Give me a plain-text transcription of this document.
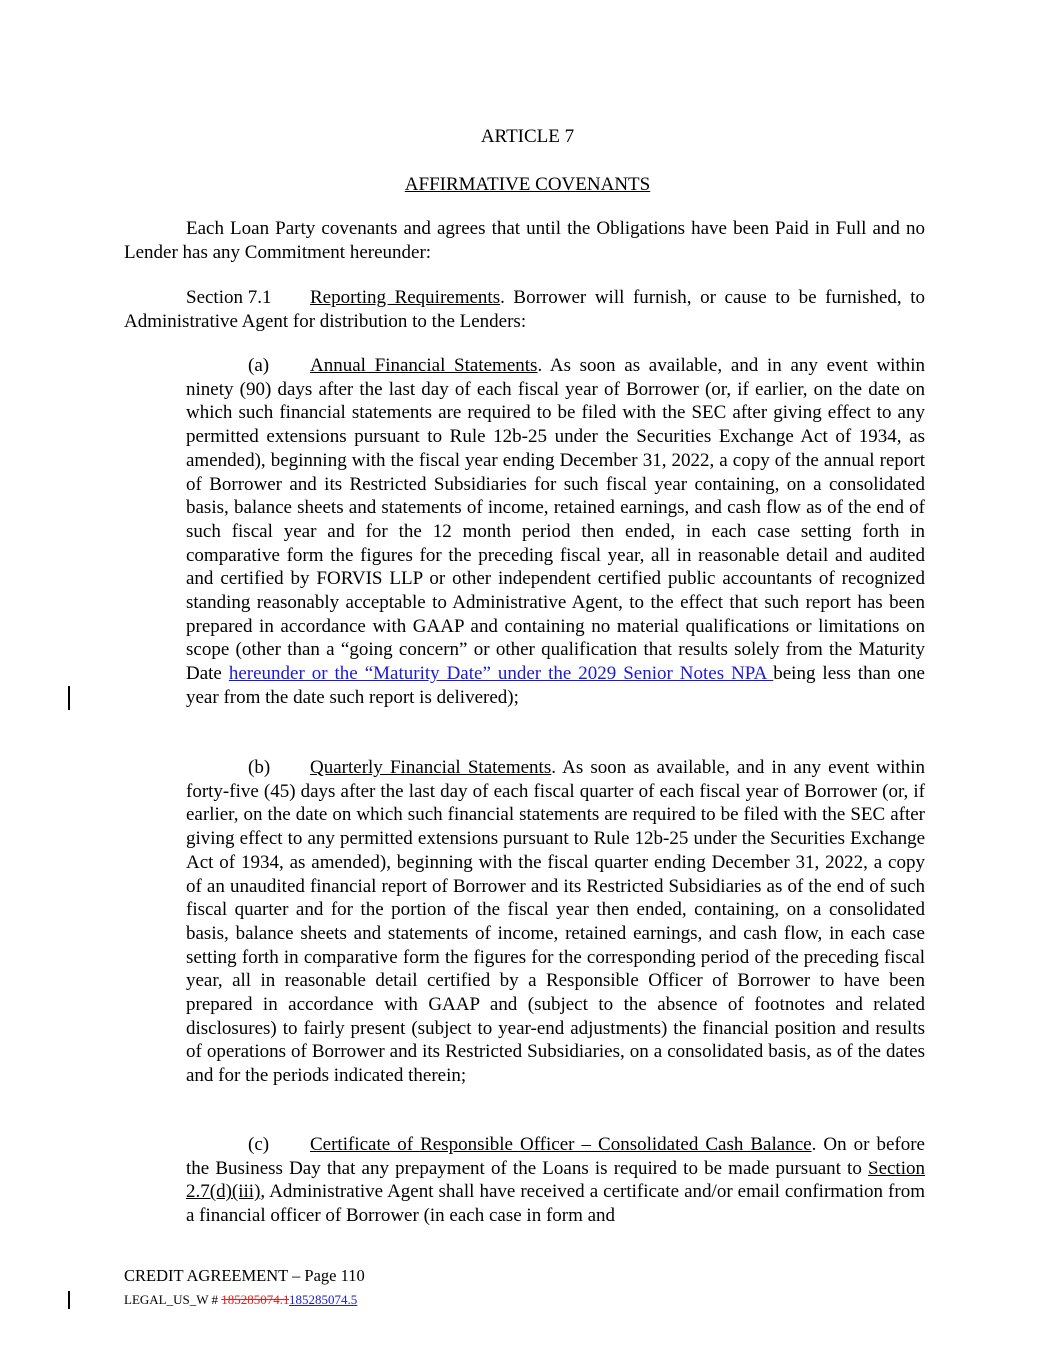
ARTICLE 7
AFFIRMATIVE COVENANTS
Each Loan Party covenants and agrees that until the Obligations have been Paid in Full and no Lender has any Commitment hereunder:
Section 7.1 Reporting Requirements. Borrower will furnish, or cause to be furnished, to Administrative Agent for distribution to the Lenders:
(a) Annual Financial Statements. As soon as available, and in any event within ninety (90) days after the last day of each fiscal year of Borrower (or, if earlier, on the date on which such financial statements are required to be filed with the SEC after giving effect to any permitted extensions pursuant to Rule 12b-25 under the Securities Exchange Act of 1934, as amended), beginning with the fiscal year ending December 31, 2022, a copy of the annual report of Borrower and its Restricted Subsidiaries for such fiscal year containing, on a consolidated basis, balance sheets and statements of income, retained earnings, and cash flow as of the end of such fiscal year and for the 12 month period then ended, in each case setting forth in comparative form the figures for the preceding fiscal year, all in reasonable detail and audited and certified by FORVIS LLP or other independent certified public accountants of recognized standing reasonably acceptable to Administrative Agent, to the effect that such report has been prepared in accordance with GAAP and containing no material qualifications or limitations on scope (other than a “going concern” or other qualification that results solely from the Maturity Date hereunder or the “Maturity Date” under the 2029 Senior Notes NPA being less than one year from the date such report is delivered);
(b) Quarterly Financial Statements. As soon as available, and in any event within forty-five (45) days after the last day of each fiscal quarter of each fiscal year of Borrower (or, if earlier, on the date on which such financial statements are required to be filed with the SEC after giving effect to any permitted extensions pursuant to Rule 12b-25 under the Securities Exchange Act of 1934, as amended), beginning with the fiscal quarter ending December 31, 2022, a copy of an unaudited financial report of Borrower and its Restricted Subsidiaries as of the end of such fiscal quarter and for the portion of the fiscal year then ended, containing, on a consolidated basis, balance sheets and statements of income, retained earnings, and cash flow, in each case setting forth in comparative form the figures for the corresponding period of the preceding fiscal year, all in reasonable detail certified by a Responsible Officer of Borrower to have been prepared in accordance with GAAP and (subject to the absence of footnotes and related disclosures) to fairly present (subject to year-end adjustments) the financial position and results of operations of Borrower and its Restricted Subsidiaries, on a consolidated basis, as of the dates and for the periods indicated therein;
(c) Certificate of Responsible Officer – Consolidated Cash Balance. On or before the Business Day that any prepayment of the Loans is required to be made pursuant to Section 2.7(d)(iii), Administrative Agent shall have received a certificate and/or email confirmation from a financial officer of Borrower (in each case in form and
CREDIT AGREEMENT – Page 110
LEGAL_US_W # 185285074.1185285074.5
